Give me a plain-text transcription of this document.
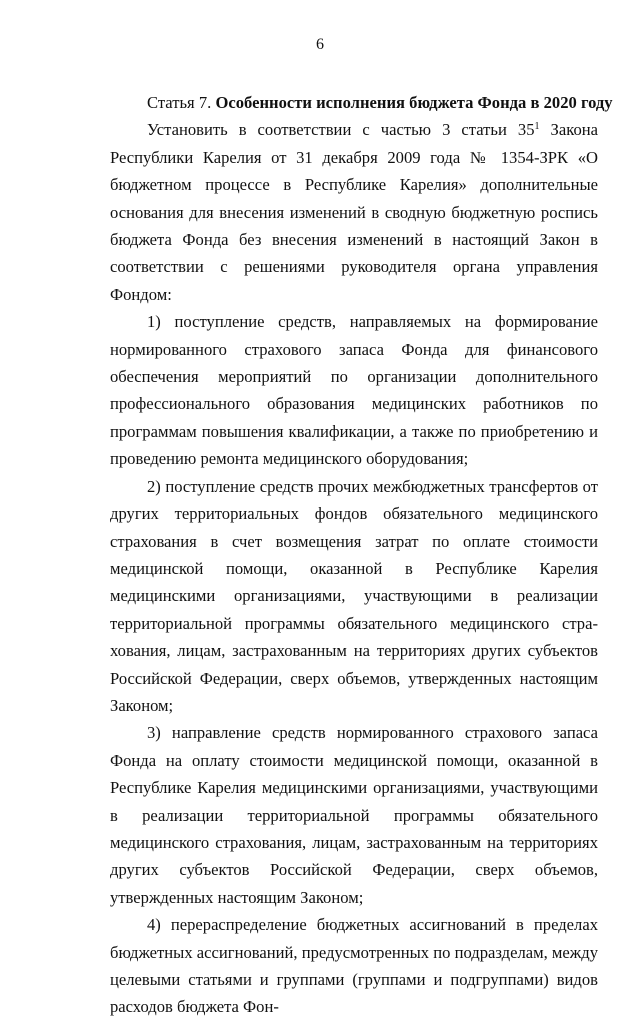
6

Статья 7. Особенности исполнения бюджета Фонда в 2020 году

Установить в соответствии с частью 3 статьи $35^1$ Закона Республики Карелия от 31 декабря 2009 года № 1354-ЗРК «О бюджетном процессе в Республике Карелия» дополнительные основания для внесения изменений в сводную бюджетную роспись бюджета Фонда без внесения изменений в настоящий Закон в соответствии с решениями руководителя органа управления Фондом:

1) поступление средств, направляемых на формирование нормированного страхового запаса Фонда для финансового обеспечения мероприятий по организации дополнительного профессионального образования медицинских работников по программам повышения квалификации, а также по приобретению и проведению ремонта медицинского оборудования;

2) поступление средств прочих межбюджетных трансфертов от других территориальных фондов обязательного медицинского страхования в счет возмещения затрат по оплате стоимости медицинской помощи, оказанной в Республике Карелия медицинскими организациями, участвующими в реализации территориальной программы обязательного медицинского страхования, лицам, застрахованным на территориях других субъектов Российской Федерации, сверх объемов, утвержденных настоящим Законом;

3) направление средств нормированного страхового запаса Фонда на оплату стоимости медицинской помощи, оказанной в Республике Карелия медицинскими организациями, участвующими в реализации территориальной программы обязательного медицинского страхования, лицам, застрахованным на территориях других субъектов Российской Федерации, сверх объемов, утвержденных настоящим Законом;

4) перераспределение бюджетных ассигнований в пределах бюджетных ассигнований, предусмотренных по подразделам, между целевыми статьями и группами (группами и подгруппами) видов расходов бюджета Фон-
